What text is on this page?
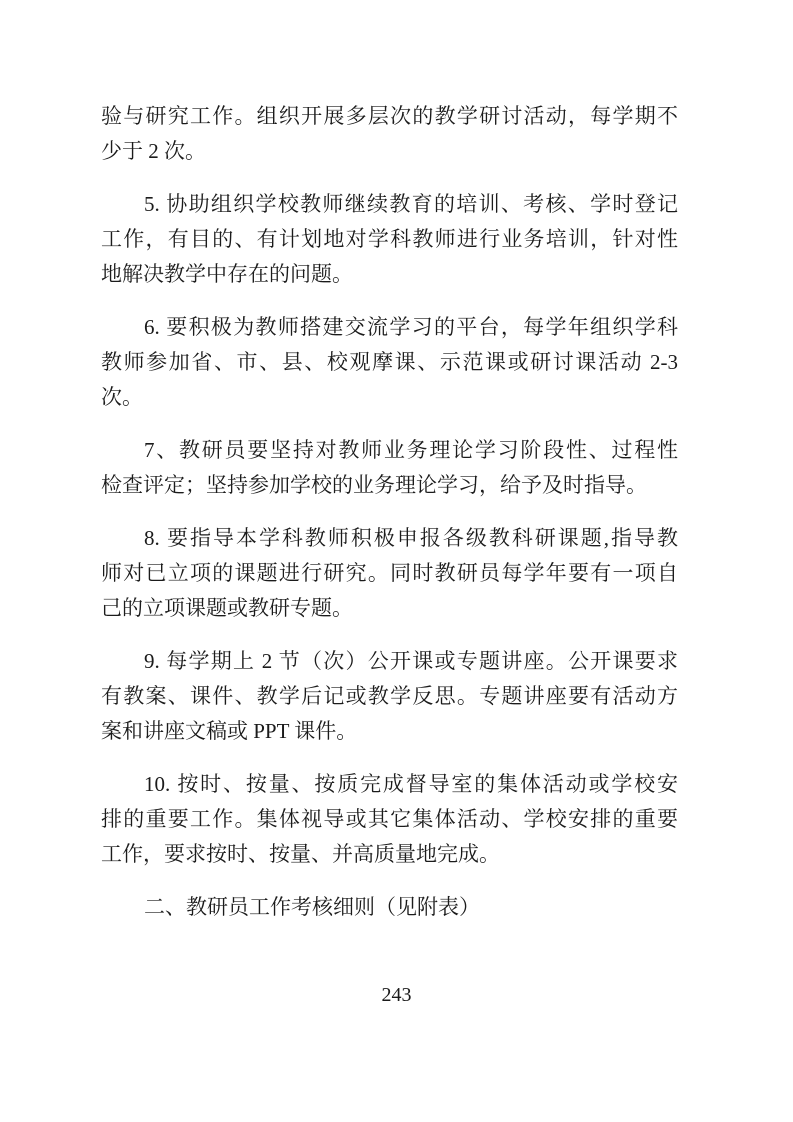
验与研究工作。组织开展多层次的教学研讨活动，每学期不
少于 2 次。
5. 协助组织学校教师继续教育的培训、考核、学时登记
工作，有目的、有计划地对学科教师进行业务培训，针对性
地解决教学中存在的问题。
6. 要积极为教师搭建交流学习的平台，每学年组织学科
教师参加省、市、县、校观摩课、示范课或研讨课活动 2-3
次。
7、教研员要坚持对教师业务理论学习阶段性、过程性
检查评定；坚持参加学校的业务理论学习，给予及时指导。
8. 要指导本学科教师积极申报各级教科研课题,指导教
师对已立项的课题进行研究。同时教研员每学年要有一项自
己的立项课题或教研专题。
9. 每学期上 2 节（次）公开课或专题讲座。公开课要求
有教案、课件、教学后记或教学反思。专题讲座要有活动方
案和讲座文稿或 PPT 课件。
10. 按时、按量、按质完成督导室的集体活动或学校安
排的重要工作。集体视导或其它集体活动、学校安排的重要
工作，要求按时、按量、并高质量地完成。
二、教研员工作考核细则（见附表）
243
